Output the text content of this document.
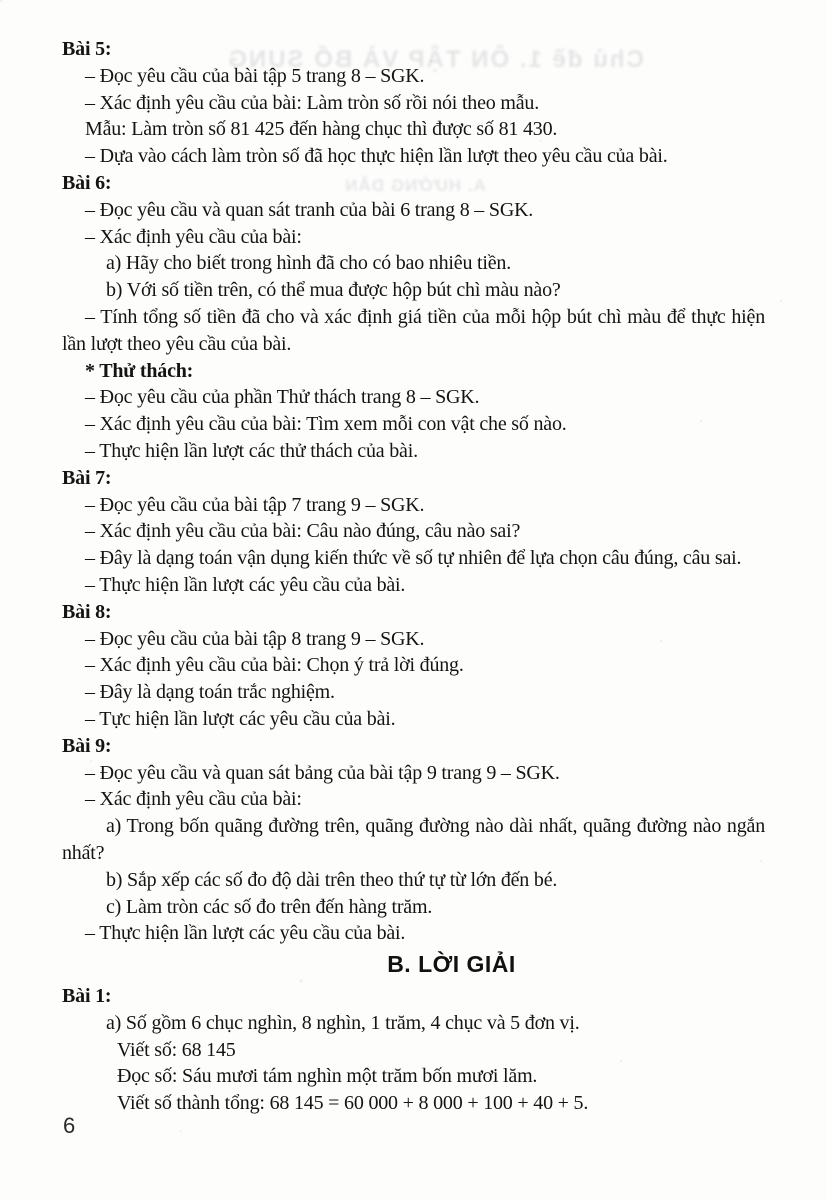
Chủ đề 1. ÔN TẬP VÀ BỔ SUNG
A. HƯỚNG DẪN
Bài 5:

– Đọc yêu cầu của bài tập 5 trang 8 – SGK.

– Xác định yêu cầu của bài: Làm tròn số rồi nói theo mẫu.

Mẫu: Làm tròn số 81 425 đến hàng chục thì được số 81 430.

– Dựa vào cách làm tròn số đã học thực hiện lần lượt theo yêu cầu của bài.

Bài 6:

– Đọc yêu cầu và quan sát tranh của bài 6 trang 8 – SGK.

– Xác định yêu cầu của bài:

a) Hãy cho biết trong hình đã cho có bao nhiêu tiền.

b) Với số tiền trên, có thể mua được hộp bút chì màu nào?

– Tính tổng số tiền đã cho và xác định giá tiền của mỗi hộp bút chì màu để thực hiện lần lượt theo yêu cầu của bài.

* Thử thách:

– Đọc yêu cầu của phần Thử thách trang 8 – SGK.

– Xác định yêu cầu của bài: Tìm xem mỗi con vật che số nào.

– Thực hiện lần lượt các thử thách của bài.

Bài 7:

– Đọc yêu cầu của bài tập 7 trang 9 – SGK.

– Xác định yêu cầu của bài: Câu nào đúng, câu nào sai?

– Đây là dạng toán vận dụng kiến thức về số tự nhiên để lựa chọn câu đúng, câu sai.

– Thực hiện lần lượt các yêu cầu của bài.

Bài 8:

– Đọc yêu cầu của bài tập 8 trang 9 – SGK.

– Xác định yêu cầu của bài: Chọn ý trả lời đúng.

– Đây là dạng toán trắc nghiệm.

– Tực hiện lần lượt các yêu cầu của bài.

Bài 9:

– Đọc yêu cầu và quan sát bảng của bài tập 9 trang 9 – SGK.

– Xác định yêu cầu của bài:

a) Trong bốn quãng đường trên, quãng đường nào dài nhất, quãng đường nào ngắn nhất?

b) Sắp xếp các số đo độ dài trên theo thứ tự từ lớn đến bé.

c) Làm tròn các số đo trên đến hàng trăm.

– Thực hiện lần lượt các yêu cầu của bài.

B. LỜI GIẢI
Bài 1:

a) Số gồm 6 chục nghìn, 8 nghìn, 1 trăm, 4 chục và 5 đơn vị.

Viết số: 68 145

Đọc số: Sáu mươi tám nghìn một trăm bốn mươi lăm.

Viết số thành tổng: 68 145 = 60 000 + 8 000 + 100 + 40 + 5.

6
